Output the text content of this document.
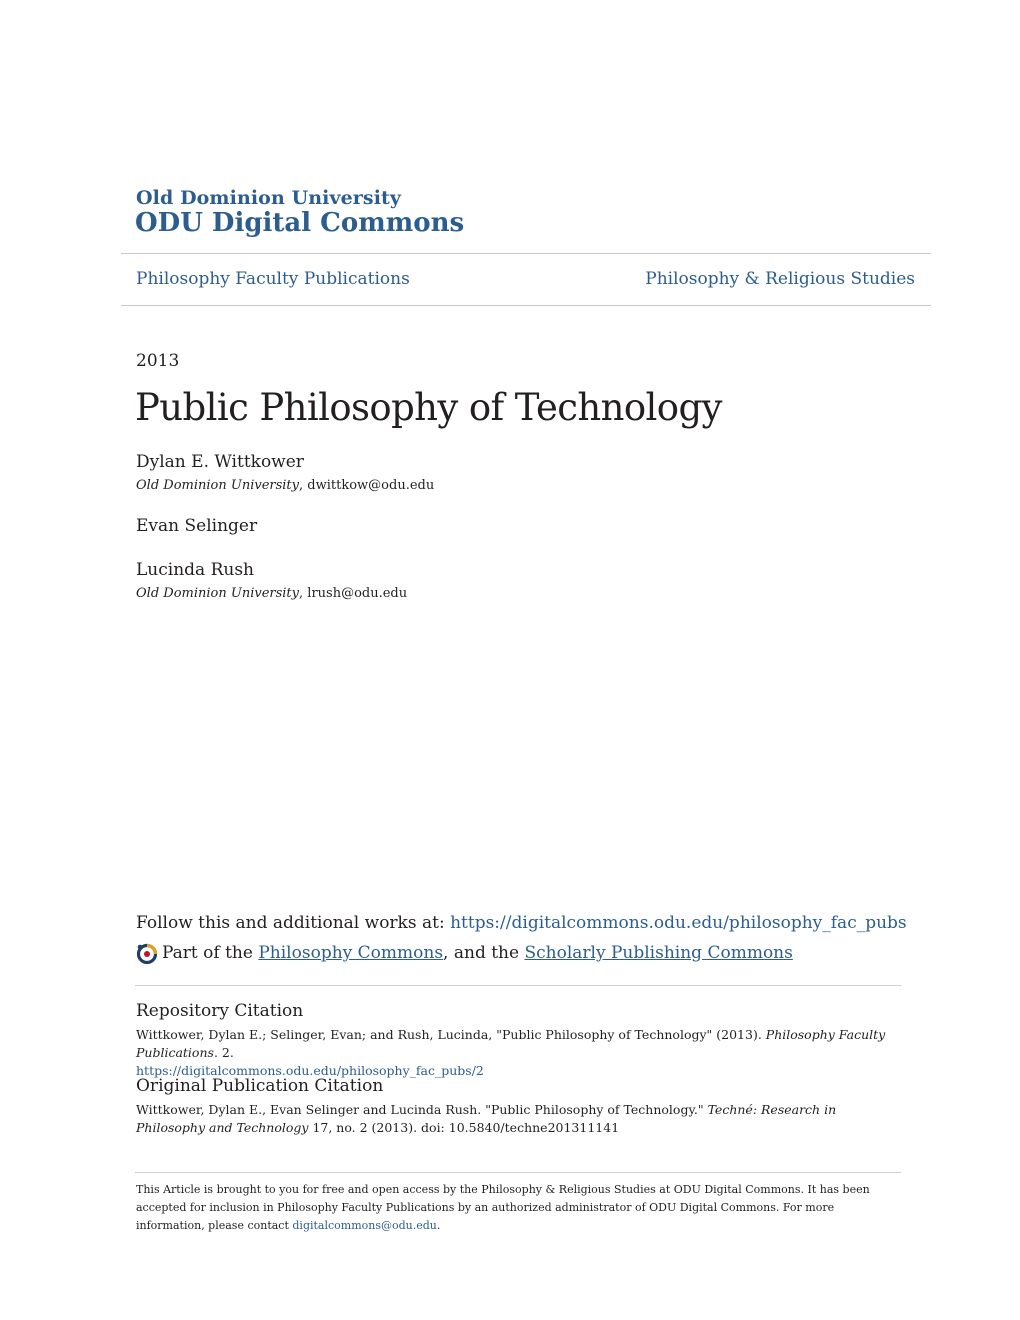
Old Dominion University
ODU Digital Commons
Philosophy Faculty Publications	Philosophy & Religious Studies
2013
Public Philosophy of Technology
Dylan E. Wittkower
Old Dominion University, dwittkow@odu.edu
Evan Selinger
Lucinda Rush
Old Dominion University, lrush@odu.edu
Follow this and additional works at: https://digitalcommons.odu.edu/philosophy_fac_pubs
Part of the Philosophy Commons, and the Scholarly Publishing Commons
Repository Citation
Wittkower, Dylan E.; Selinger, Evan; and Rush, Lucinda, "Public Philosophy of Technology" (2013). Philosophy Faculty Publications. 2.
https://digitalcommons.odu.edu/philosophy_fac_pubs/2
Original Publication Citation
Wittkower, Dylan E., Evan Selinger and Lucinda Rush. "Public Philosophy of Technology." Techné: Research in Philosophy and Technology 17, no. 2 (2013). doi: 10.5840/techne201311141
This Article is brought to you for free and open access by the Philosophy & Religious Studies at ODU Digital Commons. It has been accepted for inclusion in Philosophy Faculty Publications by an authorized administrator of ODU Digital Commons. For more information, please contact digitalcommons@odu.edu.
